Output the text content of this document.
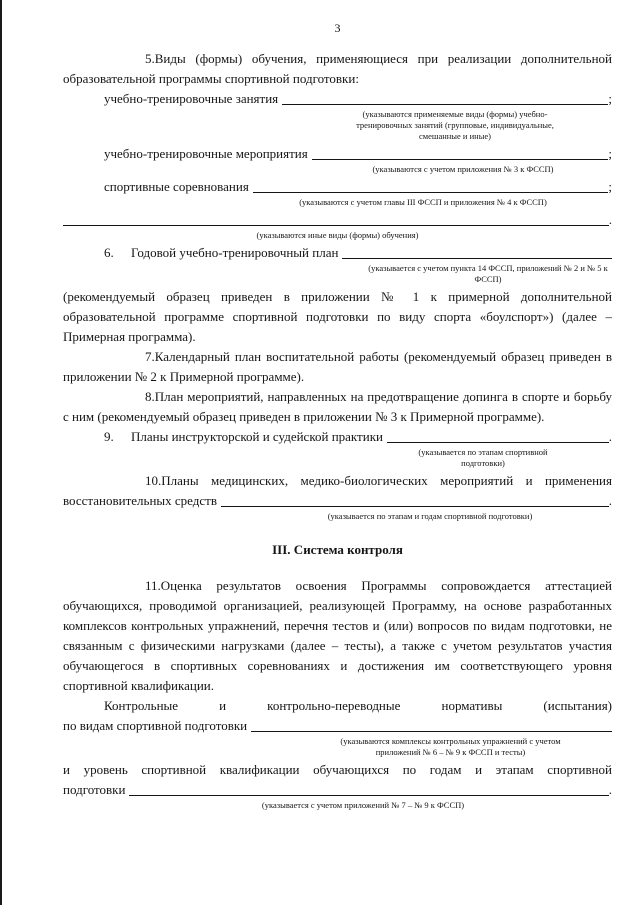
3

5.Виды (формы) обучения, применяющиеся при реализации дополнительной образовательной программы спортивной подготовки:

учебно-тренировочные занятия	;
(указываются применяемые виды (формы) учебно-тренировочных занятий (групповые, индивидуальные, смешанные и иные)
учебно-тренировочные мероприятия	;
(указываются с учетом приложения № 3 к ФССП)
спортивные соревнования	;
(указываются с учетом главы III ФССП и приложения № 4 к ФССП)
.
(указываются иные виды (формы) обучения)
6.	Годовой учебно-тренировочный план
(указывается с учетом пункта 14 ФССП, приложений № 2 и № 5 к ФССП)

(рекомендуемый образец приведен в приложении № 1 к примерной дополнительной образовательной программе спортивной подготовки по виду спорта «боулспорт») (далее – Примерная программа).

7.Календарный план воспитательной работы (рекомендуемый образец приведен в приложении № 2 к Примерной программе).

8.План мероприятий, направленных на предотвращение допинга в спорте и борьбу с ним (рекомендуемый образец приведен в приложении № 3 к Примерной программе).

9.	Планы инструкторской и судейской практики	.
(указывается по этапам спортивной подготовки)
10.Планы медицинских, медико-биологических мероприятий и применения
восстановительных средств	.
(указывается по этапам и годам спортивной подготовки)
III. Система контроля

11.Оценка результатов освоения Программы сопровождается аттестацией обучающихся, проводимой организацией, реализующей Программу, на основе разработанных комплексов контрольных упражнений, перечня тестов и (или) вопросов по видам подготовки, не связанным с физическими нагрузками (далее – тесты), а также с учетом результатов участия обучающегося в спортивных соревнованиях и достижения им соответствующего уровня спортивной квалификации.

Контрольные и контрольно-переводные нормативы (испытания)
по видам спортивной подготовки
(указываются комплексы контрольных упражнений с учетом приложений № 6 – № 9 к ФССП и тесты)
и уровень спортивной квалификации обучающихся по годам и этапам спортивной
подготовки	.
(указывается с учетом приложений № 7 – № 9 к ФССП)
